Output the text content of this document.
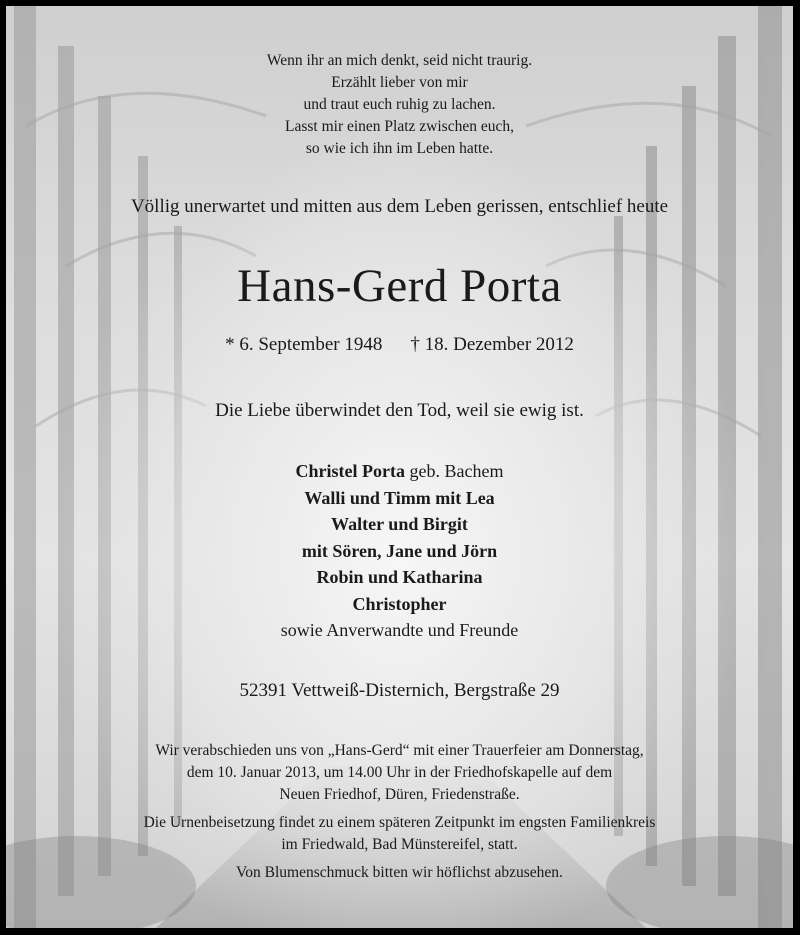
Wenn ihr an mich denkt, seid nicht traurig.
Erzählt lieber von mir
und traut euch ruhig zu lachen.
Lasst mir einen Platz zwischen euch,
so wie ich ihn im Leben hatte.
Völlig unerwartet und mitten aus dem Leben gerissen, entschlief heute
Hans-Gerd Porta
* 6. September 1948 † 18. Dezember 2012
Die Liebe überwindet den Tod, weil sie ewig ist.
Christel Porta geb. Bachem
Walli und Timm mit Lea
Walter und Birgit
mit Sören, Jane und Jörn
Robin und Katharina
Christopher
sowie Anverwandte und Freunde
52391 Vettweiß-Disternich, Bergstraße 29
Wir verabschieden uns von „Hans-Gerd“ mit einer Trauerfeier am Donnerstag,
dem 10. Januar 2013, um 14.00 Uhr in der Friedhofskapelle auf dem
Neuen Friedhof, Düren, Friedenstraße.
Die Urnenbeisetzung findet zu einem späteren Zeitpunkt im engsten Familienkreis
im Friedwald, Bad Münstereifel, statt.
Von Blumenschmuck bitten wir höflichst abzusehen.
